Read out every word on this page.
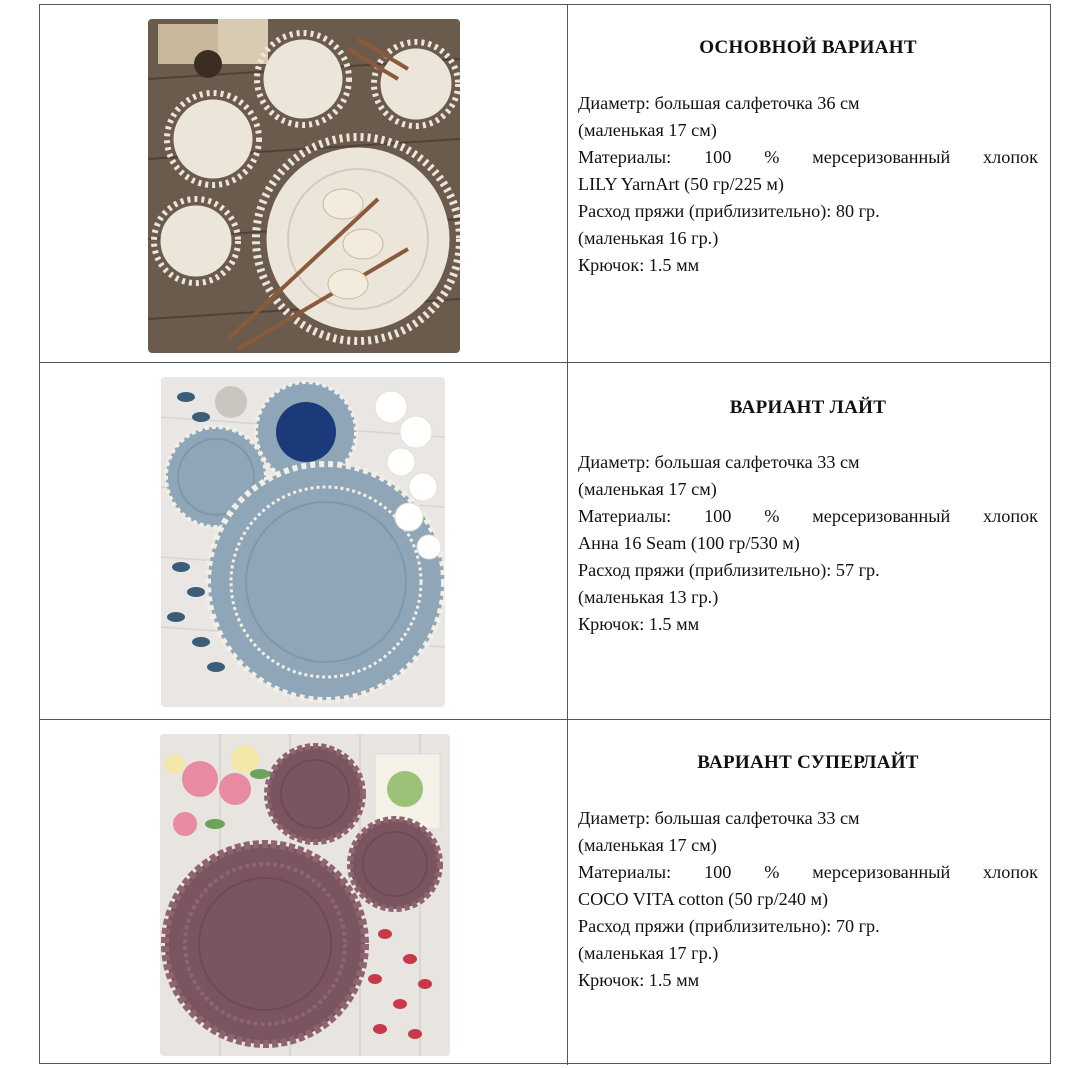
ОСНОВНОЙ ВАРИАНТ

Диаметр: большая салфеточка 36 см

(маленькая 17 см)

Материалы: 100 % мерсеризованный хлопок

LILY YarnArt (50 гр/225 м)

Расход пряжи (приблизительно): 80 гр.

(маленькая 16 гр.)

Крючок: 1.5 мм

ВАРИАНТ ЛАЙТ

Диаметр: большая салфеточка 33 см

(маленькая 17 см)

Материалы: 100 % мерсеризованный хлопок

Анна 16 Seam (100 гр/530 м)

Расход пряжи (приблизительно): 57 гр.

(маленькая 13 гр.)

Крючок: 1.5 мм

ВАРИАНТ СУПЕРЛАЙТ

Диаметр: большая салфеточка 33 см

(маленькая 17 см)

Материалы: 100 % мерсеризованный хлопок

COCO VITA cotton (50 гр/240 м)

Расход пряжи (приблизительно): 70 гр.

(маленькая 17 гр.)

Крючок: 1.5 мм
